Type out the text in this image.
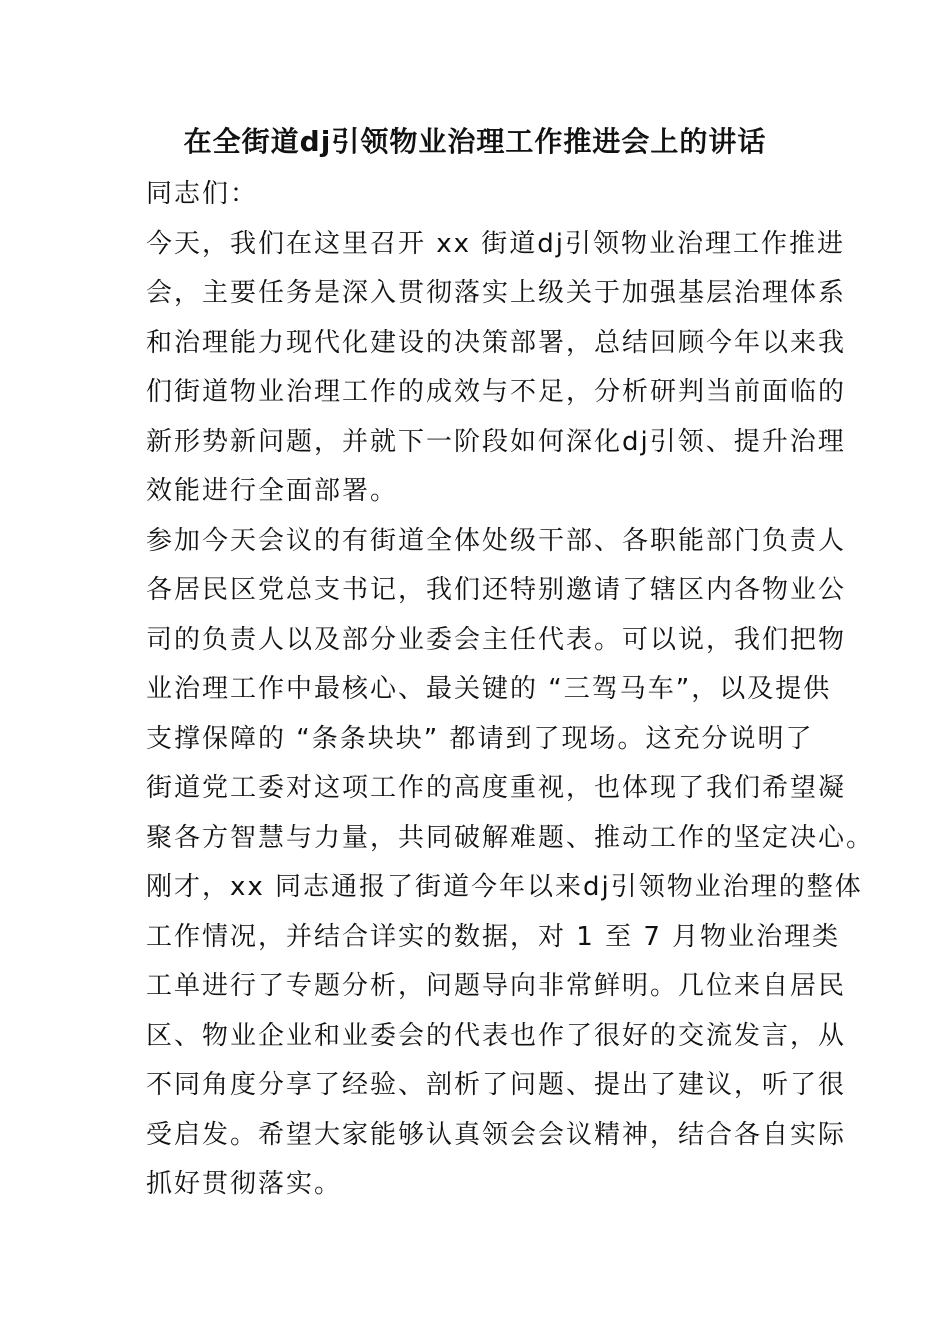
在全街道dj引领物业治理工作推进会上的讲话

同志们：

今天，我们在这里召开 xx 街道dj引领物业治理工作推进
会，主要任务是深入贯彻落实上级关于加强基层治理体系
和治理能力现代化建设的决策部署，总结回顾今年以来我
们街道物业治理工作的成效与不足，分析研判当前面临的
新形势新问题，并就下一阶段如何深化dj引领、提升治理
效能进行全面部署。

参加今天会议的有街道全体处级干部、各职能部门负责人
各居民区党总支书记，我们还特别邀请了辖区内各物业公
司的负责人以及部分业委会主任代表。可以说，我们把物
业治理工作中最核心、最关键的 “三驾马车”，以及提供
支撑保障的 “条条块块” 都请到了现场。这充分说明了
街道党工委对这项工作的高度重视，也体现了我们希望凝
聚各方智慧与力量，共同破解难题、推动工作的坚定决心。

刚才，xx 同志通报了街道今年以来dj引领物业治理的整体
工作情况，并结合详实的数据，对 1 至 7 月物业治理类
工单进行了专题分析，问题导向非常鲜明。几位来自居民
区、物业企业和业委会的代表也作了很好的交流发言，从
不同角度分享了经验、剖析了问题、提出了建议，听了很
受启发。希望大家能够认真领会会议精神，结合各自实际
抓好贯彻落实。
